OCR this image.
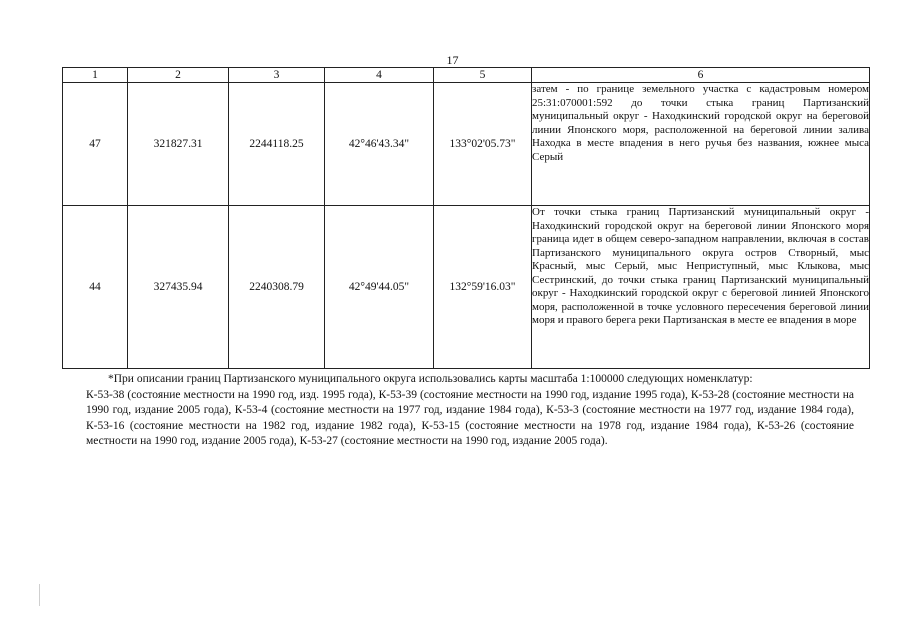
17
1	2	3	4	5	6
47	321827.31	2244118.25	42°46'43.34"	133°02'05.73"	затем - по границе земельного участка с кадастровым номером 25:31:070001:592 до точки стыка границ Партизанский муниципальный округ - Находкинский городской округ на береговой линии Японского моря, расположенной на береговой линии залива Находка в месте впадения в него ручья без названия, южнее мыса Серый

44	327435.94	2240308.79	42°49'44.05"	132°59'16.03"	От точки стыка границ Партизанский муниципальный округ - Находкинский городской округ на береговой линии Японского моря граница идет в общем северо-западном направлении, включая в состав Партизанского муниципального округа остров Створный, мыс Красный, мыс Серый, мыс Неприступный, мыс Клыкова, мыс Сестринский, до точки стыка границ Партизанский муниципальный округ - Находкинский городской округ с береговой линией Японского моря, расположенной в точке условного пересечения береговой линии моря и правого берега реки Партизанская в месте ее впадения в море
*При описании границ Партизанского муниципального округа использовались карты масштаба 1:100000 следующих номенклатур:
К-53-38 (состояние местности на 1990 год, изд. 1995 года), К-53-39 (состояние местности на 1990 год, издание 1995 года), К-53-28 (состояние местности на 1990 год, издание 2005 года), К-53-4 (состояние местности на 1977 год, издание 1984 года), К-53-3 (состояние местности на 1977 год, издание 1984 года), К-53-16 (состояние местности на 1982 год, издание 1982 года), К-53-15 (состояние местности на 1978 год, издание 1984 года), К-53-26 (состояние местности на 1990 год, издание 2005 года), К-53-27 (состояние местности на 1990 год, издание 2005 года).
